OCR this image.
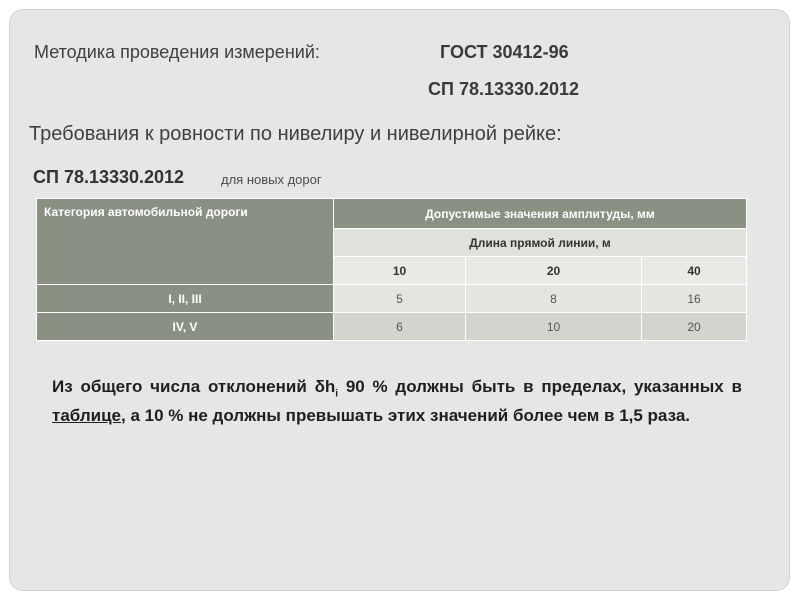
Методика проведения измерений:	ГОСТ 30412-96
СП 78.13330.2012
Требования к ровности по нивелиру и нивелирной рейке:
СП 78.13330.2012	для новых дорог
Категория автомобильной дороги	Допустимые значения амплитуды, мм		
	Длина прямой линии, м		
	10	20	40
I, II, III	5	8	16
IV, V	6	10	20
Из общего числа отклонений $\delta h_i$ 90 % должны быть в пределах, указанных в таблице, а 10 % не должны превышать этих значений более чем в 1,5 раза.
